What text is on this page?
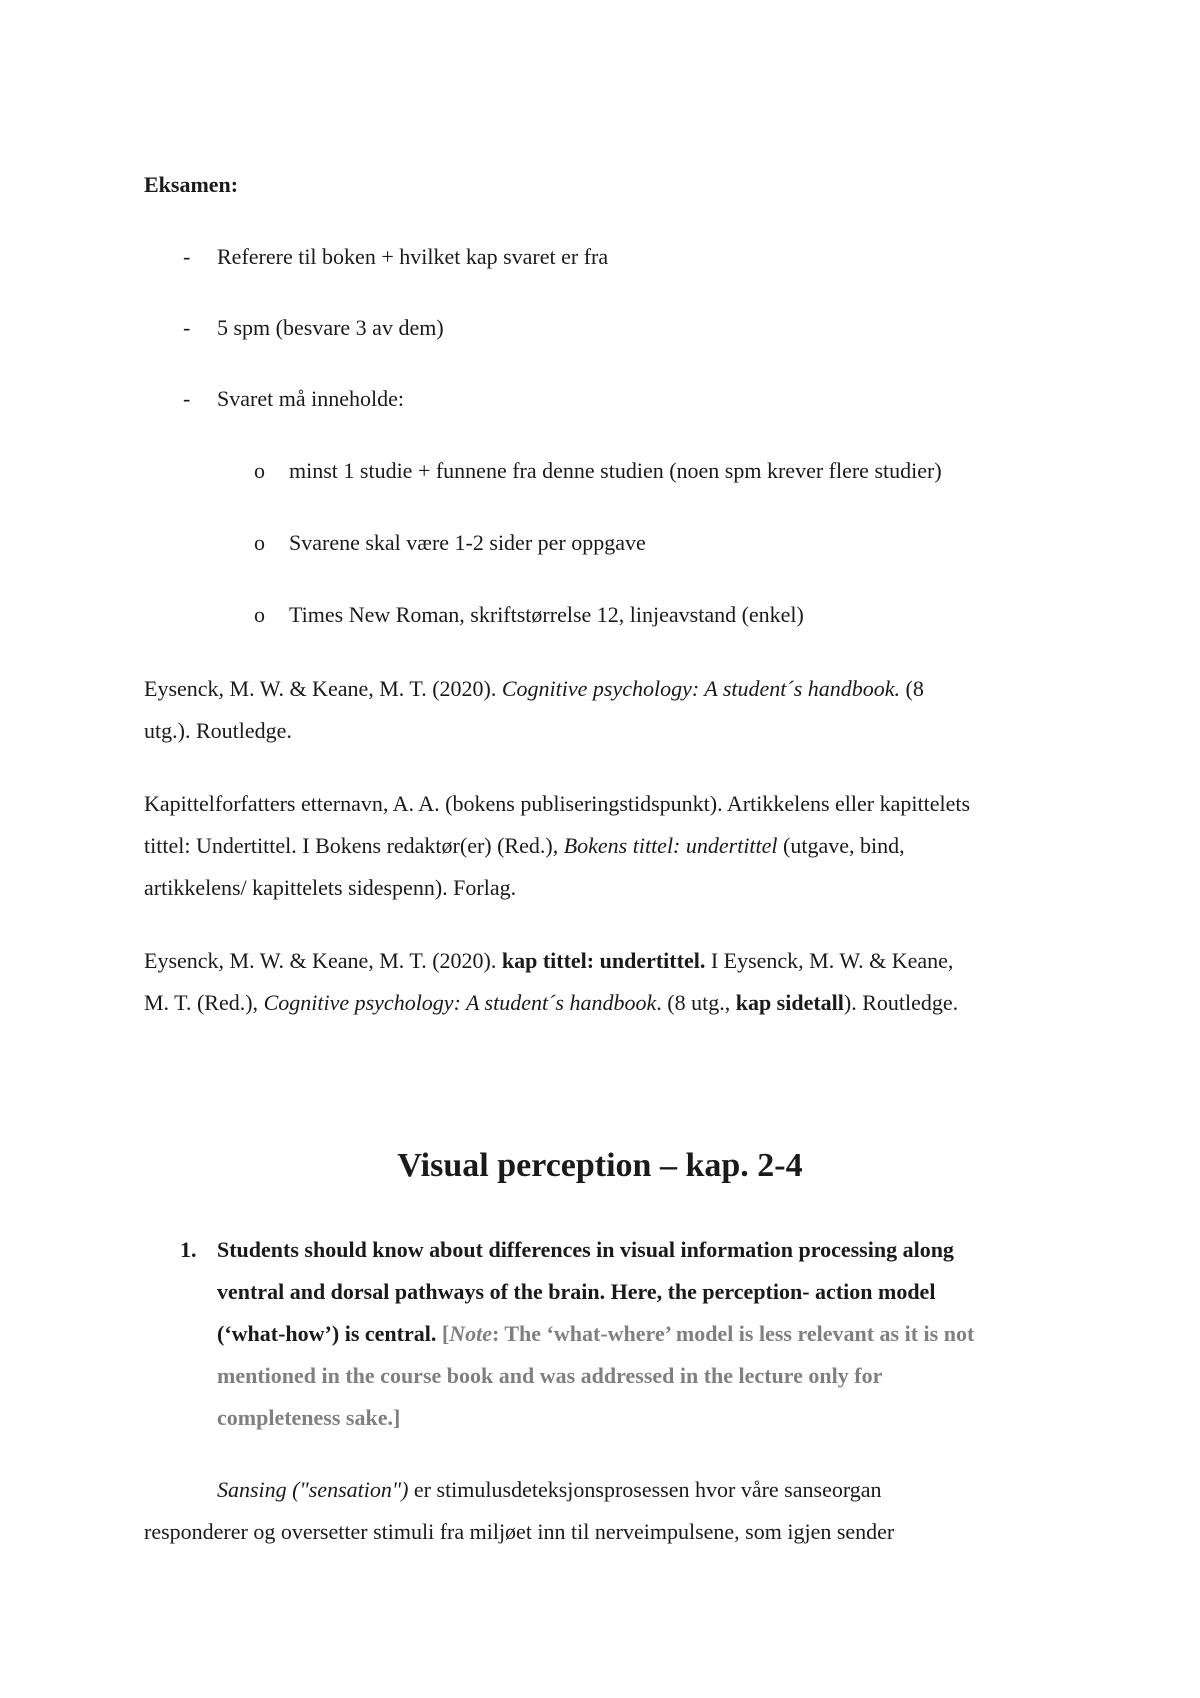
Eksamen:
- Referere til boken + hvilket kap svaret er fra
- 5 spm (besvare 3 av dem)
- Svaret må inneholde:
o minst 1 studie + funnene fra denne studien (noen spm krever flere studier)
o Svarene skal være 1-2 sider per oppgave
o Times New Roman, skriftstørrelse 12, linjeavstand (enkel)
Eysenck, M. W. & Keane, M. T. (2020). Cognitive psychology: A student´s handbook. (8
utg.). Routledge.
Kapittelforfatters etternavn, A. A. (bokens publiseringstidspunkt). Artikkelens eller kapittelets
tittel: Undertittel. I Bokens redaktør(er) (Red.), Bokens tittel: undertittel (utgave, bind,
artikkelens/ kapittelets sidespenn). Forlag.
Eysenck, M. W. & Keane, M. T. (2020). kap tittel: undertittel. I Eysenck, M. W. & Keane,
M. T. (Red.), Cognitive psychology: A student´s handbook. (8 utg., kap sidetall). Routledge.
Visual perception – kap. 2-4
1. Students should know about differences in visual information processing along
ventral and dorsal pathways of the brain. Here, the perception- action model
(‘what-how’) is central. [Note: The ‘what-where’ model is less relevant as it is not
mentioned in the course book and was addressed in the lecture only for
completeness sake.]
Sansing ("sensation") er stimulusdeteksjonsprosessen hvor våre sanseorgan
responderer og oversetter stimuli fra miljøet inn til nerveimpulsene, som igjen sender
